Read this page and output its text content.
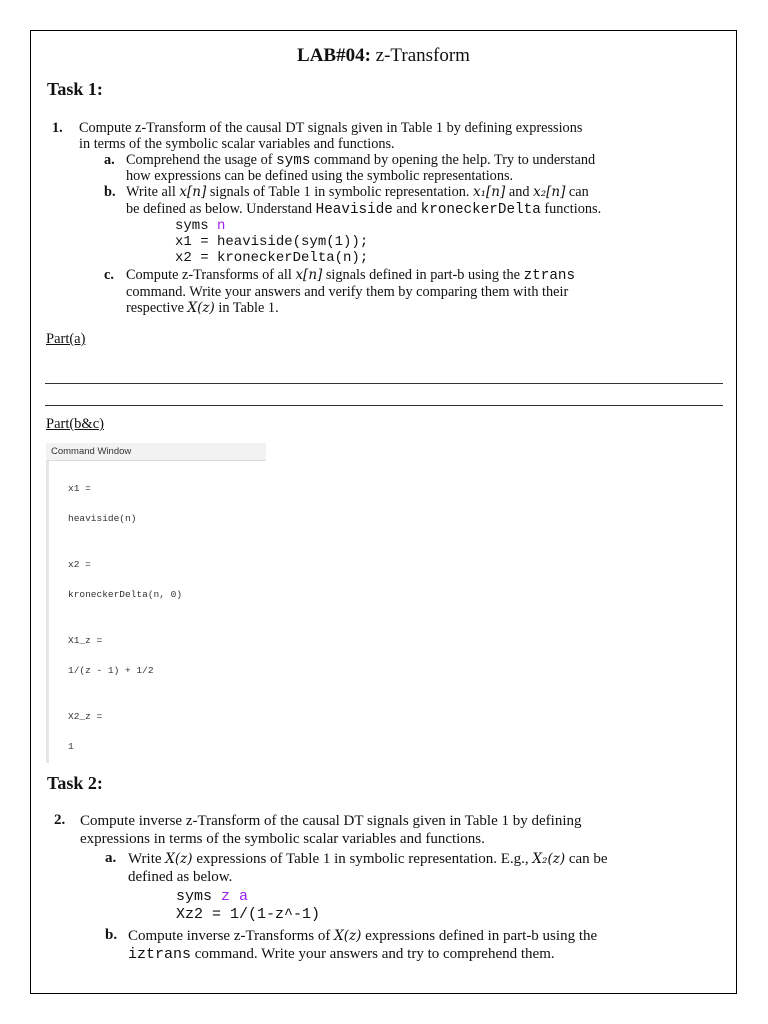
LAB#04: z-Transform
Task 1:
1. Compute z-Transform of the causal DT signals given in Table 1 by defining expressions
in terms of the symbolic scalar variables and functions.
a. Comprehend the usage of syms command by opening the help. Try to understand
how expressions can be defined using the symbolic representations.
b. Write all x[n] signals of Table 1 in symbolic representation. x₁[n] and x₂[n] can
be defined as below. Understand Heaviside and kroneckerDelta functions.
syms n
x1 = heaviside(sym(1));
x2 = kroneckerDelta(n);
c. Compute z-Transforms of all x[n] signals defined in part-b using the ztrans
command. Write your answers and verify them by comparing them with their
respective X(z) in Table 1.
Part(a)
Part(b&c)
Command Window
x1 =
heaviside(n)
x2 =
kroneckerDelta(n, 0)
X1_z =
1/(z - 1) + 1/2
X2_z =
1
Task 2:
2. Compute inverse z-Transform of the causal DT signals given in Table 1 by defining
expressions in terms of the symbolic scalar variables and functions.
a. Write X(z) expressions of Table 1 in symbolic representation. E.g., X₂(z) can be
defined as below.
syms z a
Xz2 = 1/(1-z^-1)
b. Compute inverse z-Transforms of X(z) expressions defined in part-b using the
iztrans command. Write your answers and try to comprehend them.
